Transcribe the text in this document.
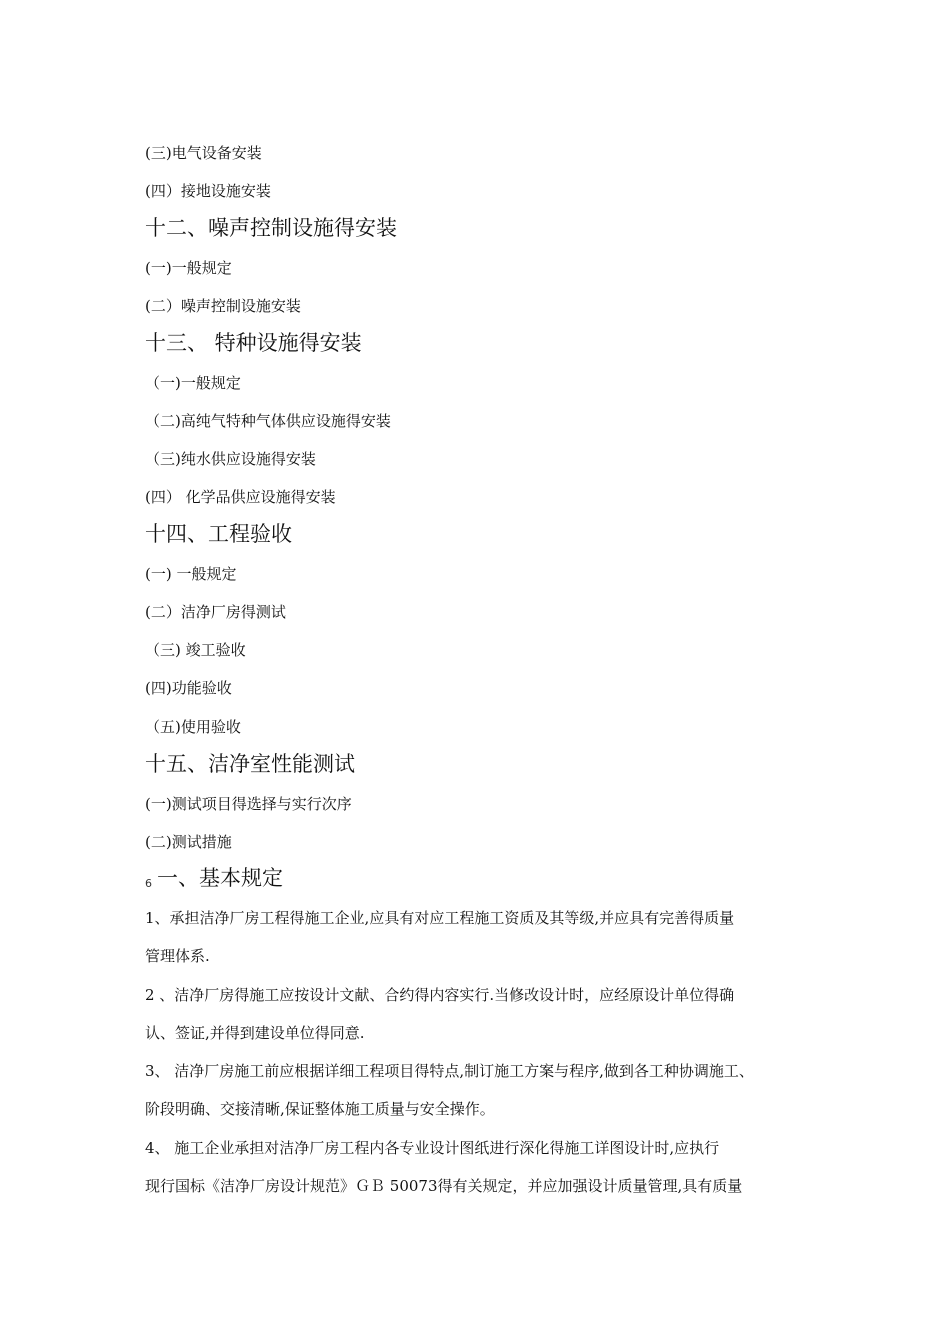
(三)电气设备安装
(四）接地设施安装
十二、噪声控制设施得安装
(一)一般规定
(二）噪声控制设施安装
十三、 特种设施得安装
（一)一般规定
（二)高纯气特种气体供应设施得安装
（三)纯水供应设施得安装
(四） 化学品供应设施得安装
十四、工程验收
(一) 一般规定
(二）洁净厂房得测试
（三) 竣工验收
(四)功能验收
（五)使用验收
十五、洁净室性能测试
(一)测试项目得选择与实行次序
(二)测试措施
6 一、基本规定
1、承担洁净厂房工程得施工企业,应具有对应工程施工资质及其等级,并应具有完善得质量
管理体系.
2 、洁净厂房得施工应按设计文献、合约得内容实行.当修改设计时，应经原设计单位得确
认、签证,并得到建设单位得同意.
3、 洁净厂房施工前应根据详细工程项目得特点,制订施工方案与程序,做到各工种协调施工、
阶段明确、交接清晰,保证整体施工质量与安全操作。
4、 施工企业承担对洁净厂房工程内各专业设计图纸进行深化得施工详图设计时,应执行
现行国标《洁净厂房设计规范》ＧＢ 50073得有关规定，并应加强设计质量管理,具有质量
